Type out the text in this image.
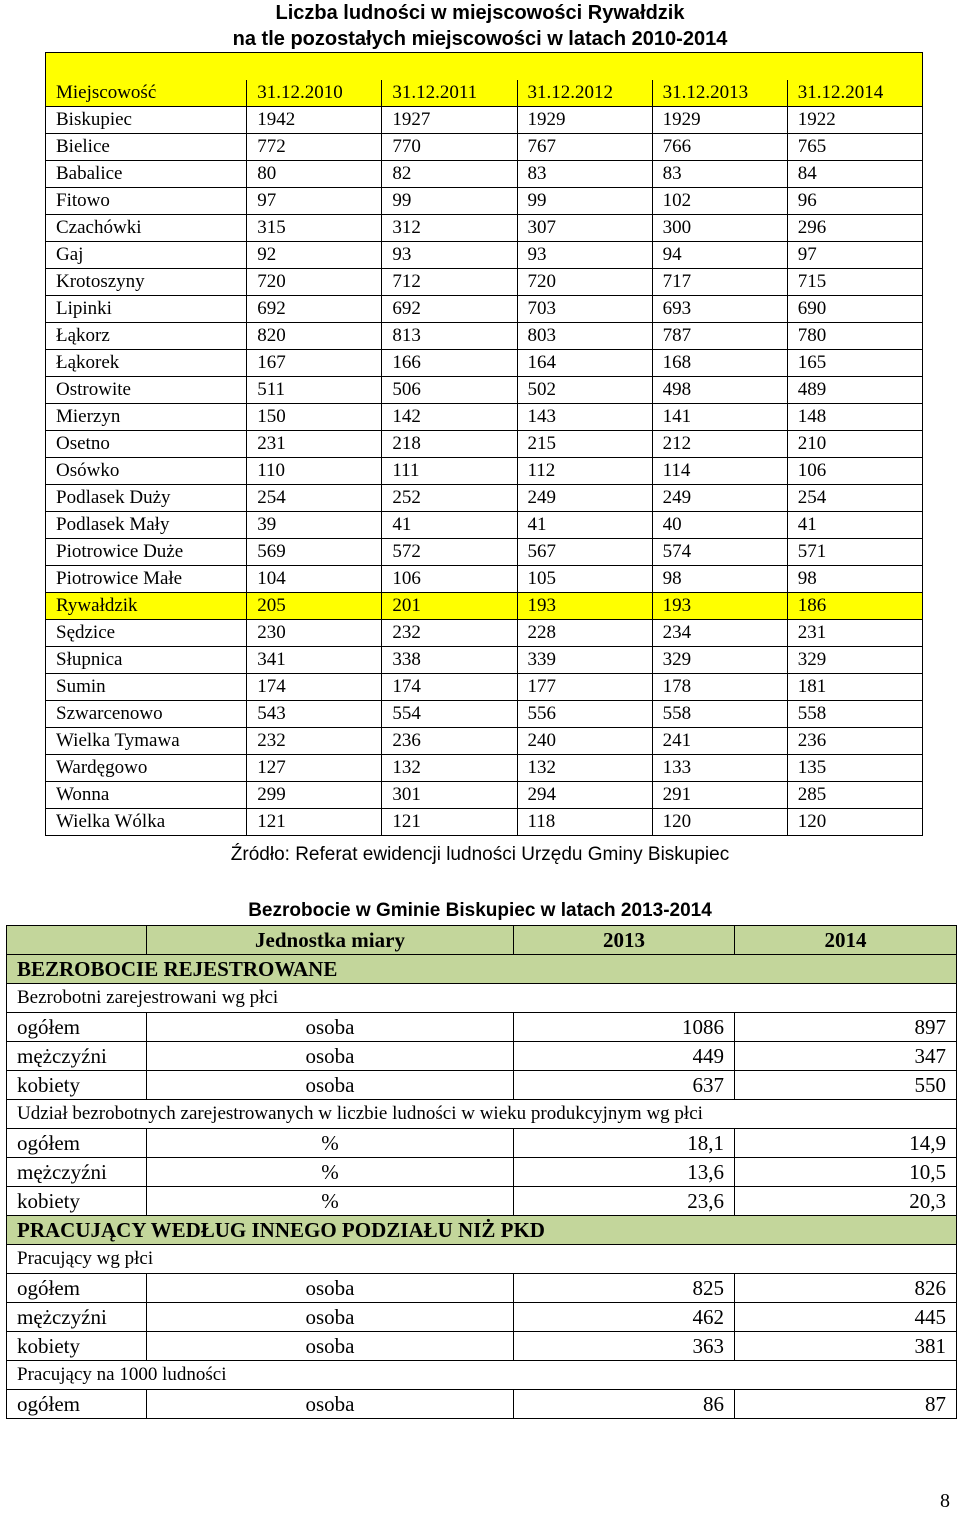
Liczba ludności w miejscowości Rywałdzik
na tle pozostałych miejscowości w latach 2010-2014

Miejscowość	31.12.2010	31.12.2011	31.12.2012	31.12.2013	31.12.2014
Biskupiec	1942	1927	1929	1929	1922
Bielice	772	770	767	766	765
Babalice	80	82	83	83	84
Fitowo	97	99	99	102	96
Czachówki	315	312	307	300	296
Gaj	92	93	93	94	97
Krotoszyny	720	712	720	717	715
Lipinki	692	692	703	693	690
Łąkorz	820	813	803	787	780
Łąkorek	167	166	164	168	165
Ostrowite	511	506	502	498	489
Mierzyn	150	142	143	141	148
Osetno	231	218	215	212	210
Osówko	110	111	112	114	106
Podlasek Duży	254	252	249	249	254
Podlasek Mały	39	41	41	40	41
Piotrowice Duże	569	572	567	574	571
Piotrowice Małe	104	106	105	98	98
Rywałdzik	205	201	193	193	186
Sędzice	230	232	228	234	231
Słupnica	341	338	339	329	329
Sumin	174	174	177	178	181
Szwarcenowo	543	554	556	558	558
Wielka Tymawa	232	236	240	241	236
Wardęgowo	127	132	132	133	135
Wonna	299	301	294	291	285
Wielka Wólka	121	121	118	120	120
Źródło: Referat ewidencji ludności Urzędu Gminy Biskupiec
Bezrobocie w Gminie Biskupiec w latach 2013-2014
	Jednostka miary	2013	2014
BEZROBOCIE REJESTROWANE			
Bezrobotni zarejestrowani wg płci			
ogółem	osoba	1086	897
mężczyźni	osoba	449	347
kobiety	osoba	637	550
Udział bezrobotnych zarejestrowanych w liczbie ludności w wieku produkcyjnym wg płci			
ogółem	%	18,1	14,9
mężczyźni	%	13,6	10,5
kobiety	%	23,6	20,3
PRACUJĄCY WEDŁUG INNEGO PODZIAŁU NIŻ PKD			
Pracujący wg płci			
ogółem	osoba	825	826
mężczyźni	osoba	462	445
kobiety	osoba	363	381
Pracujący na 1000 ludności			
ogółem	osoba	86	87
8
